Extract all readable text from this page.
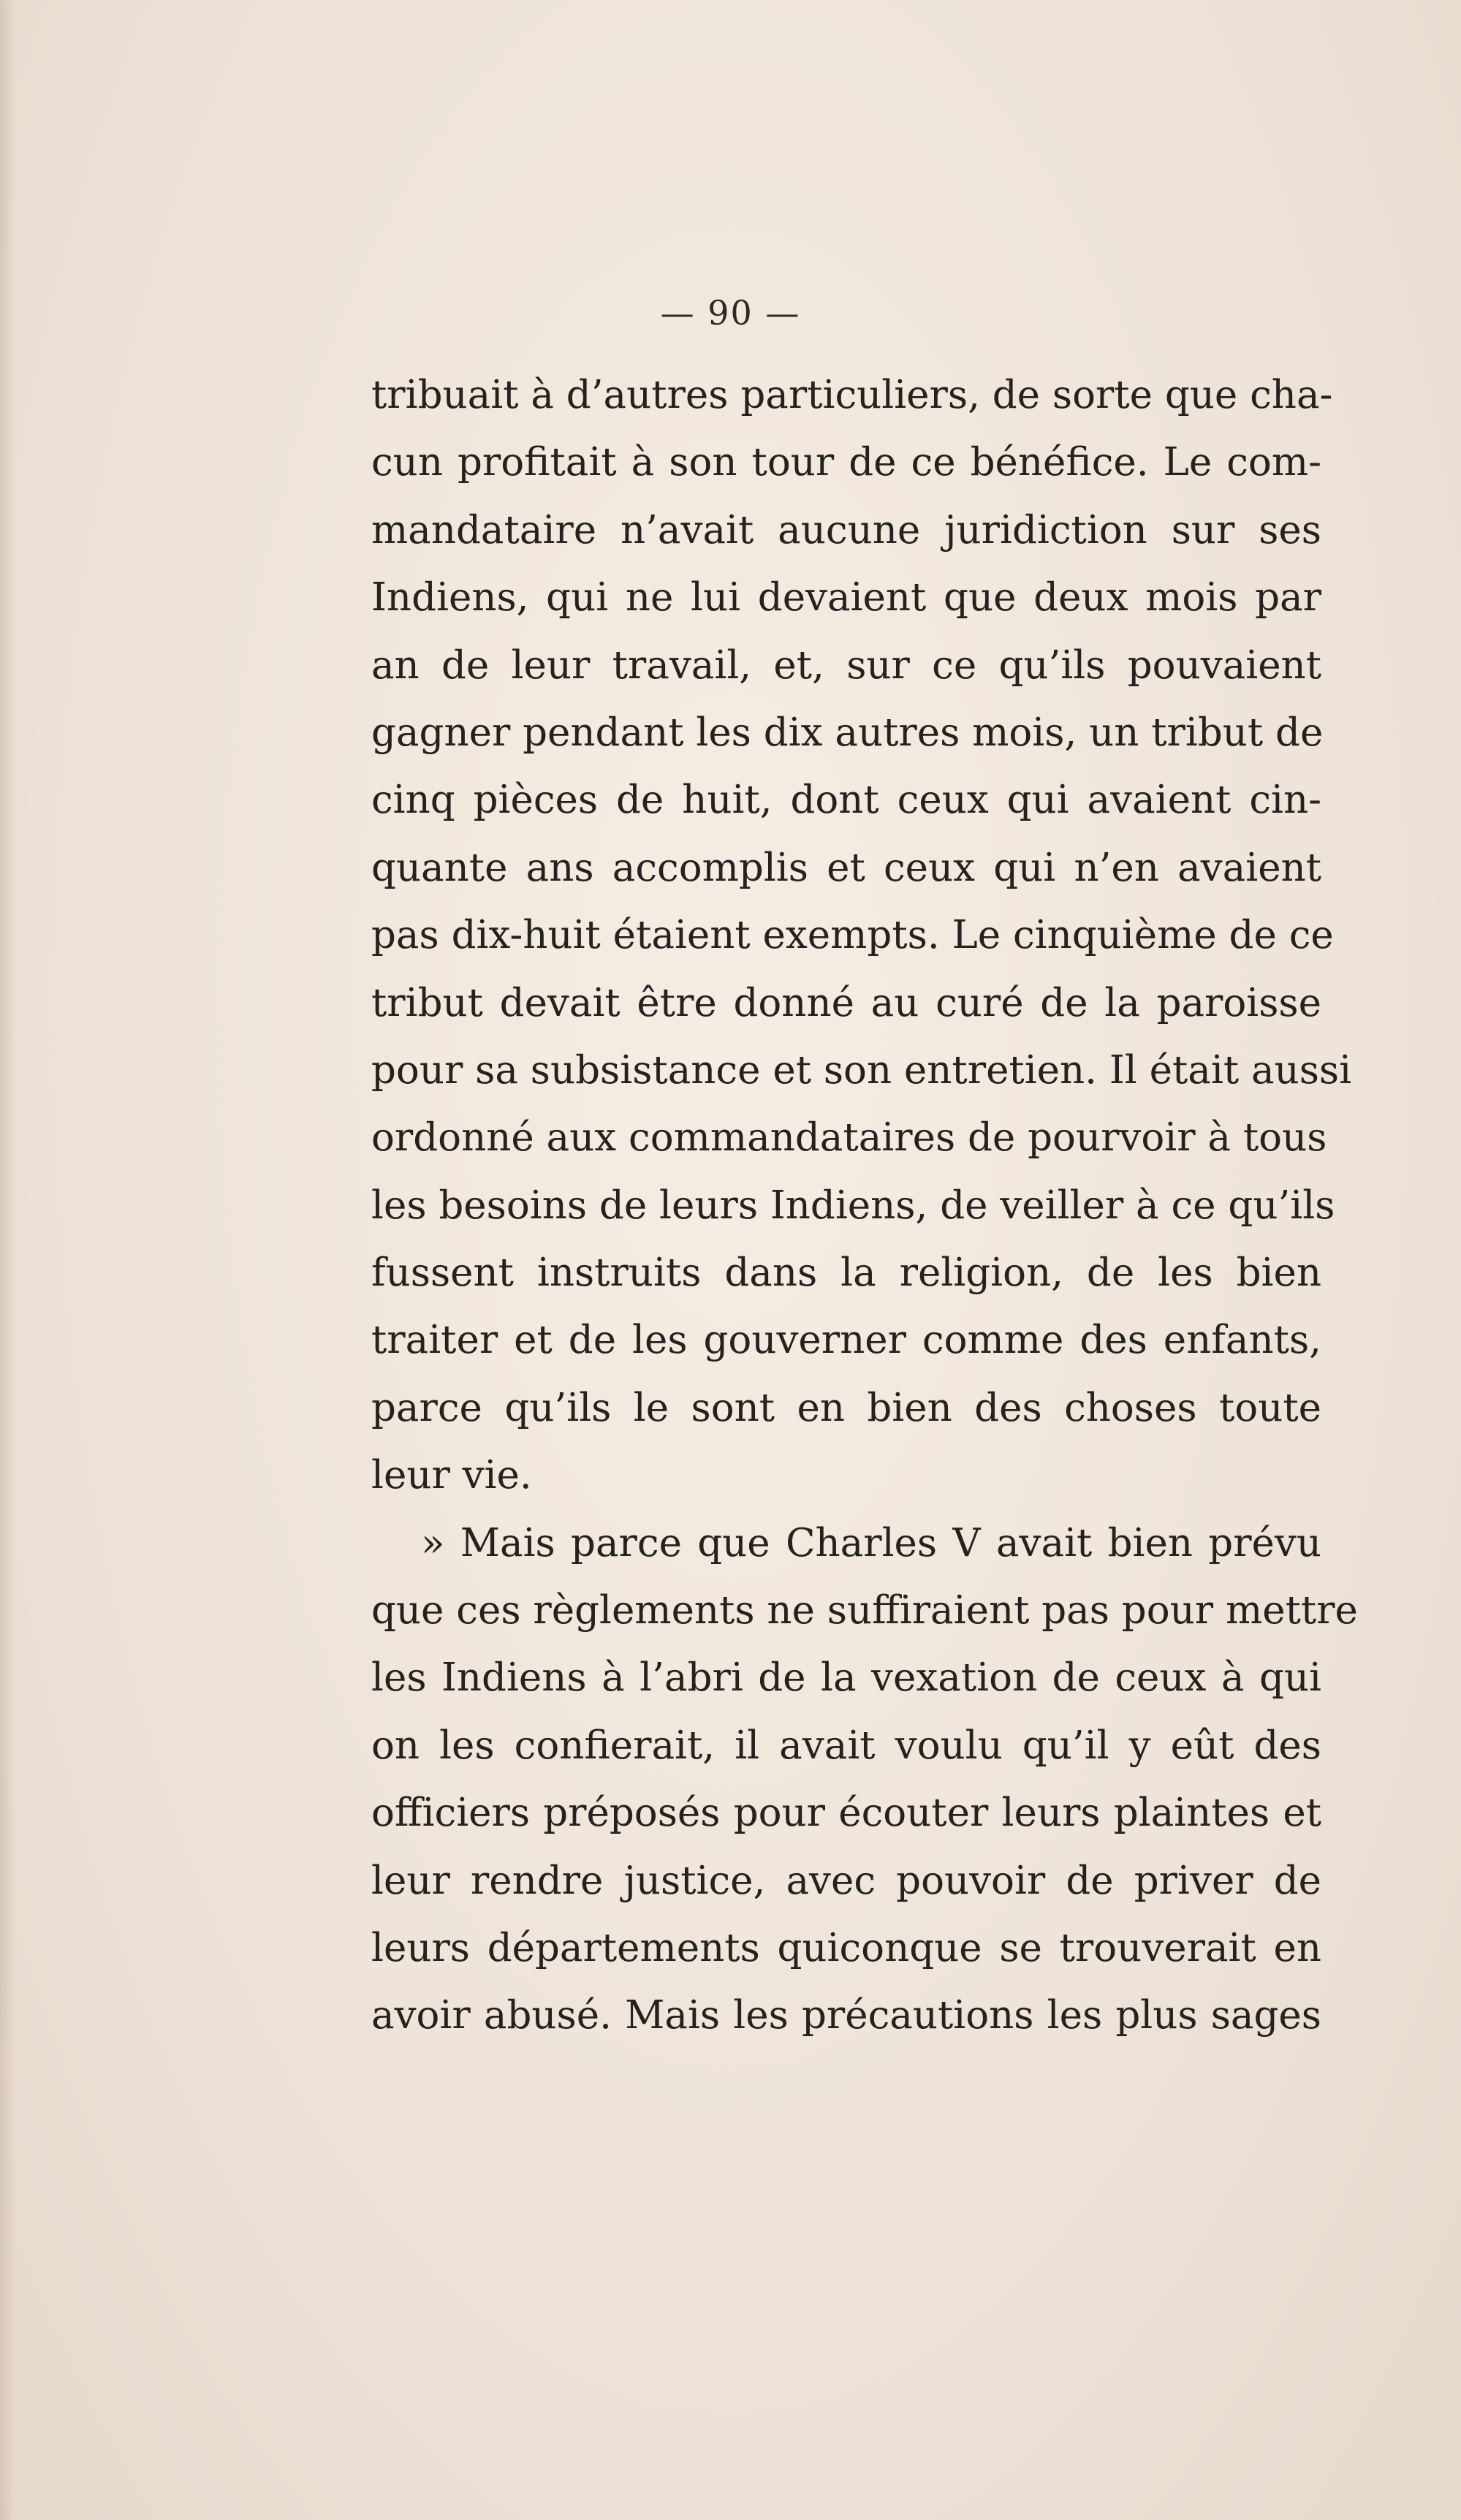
— 90 —
tribuait à d’autres particuliers, de sorte que cha-
cun profitait à son tour de ce bénéfice. Le com-
mandataire n’avait aucune juridiction sur ses
Indiens, qui ne lui devaient que deux mois par
an de leur travail, et, sur ce qu’ils pouvaient
gagner pendant les dix autres mois, un tribut de
cinq pièces de huit, dont ceux qui avaient cin-
quante ans accomplis et ceux qui n’en avaient
pas dix-huit étaient exempts. Le cinquième de ce
tribut devait être donné au curé de la paroisse
pour sa subsistance et son entretien. Il était aussi
ordonné aux commandataires de pourvoir à tous
les besoins de leurs Indiens, de veiller à ce qu’ils
fussent instruits dans la religion, de les bien
traiter et de les gouverner comme des enfants,
parce qu’ils le sont en bien des choses toute
leur vie.
» Mais parce que Charles V avait bien prévu
que ces règlements ne suffiraient pas pour mettre
les Indiens à l’abri de la vexation de ceux à qui
on les confierait, il avait voulu qu’il y eût des
officiers préposés pour écouter leurs plaintes et
leur rendre justice, avec pouvoir de priver de
leurs départements quiconque se trouverait en
avoir abusé. Mais les précautions les plus sages
